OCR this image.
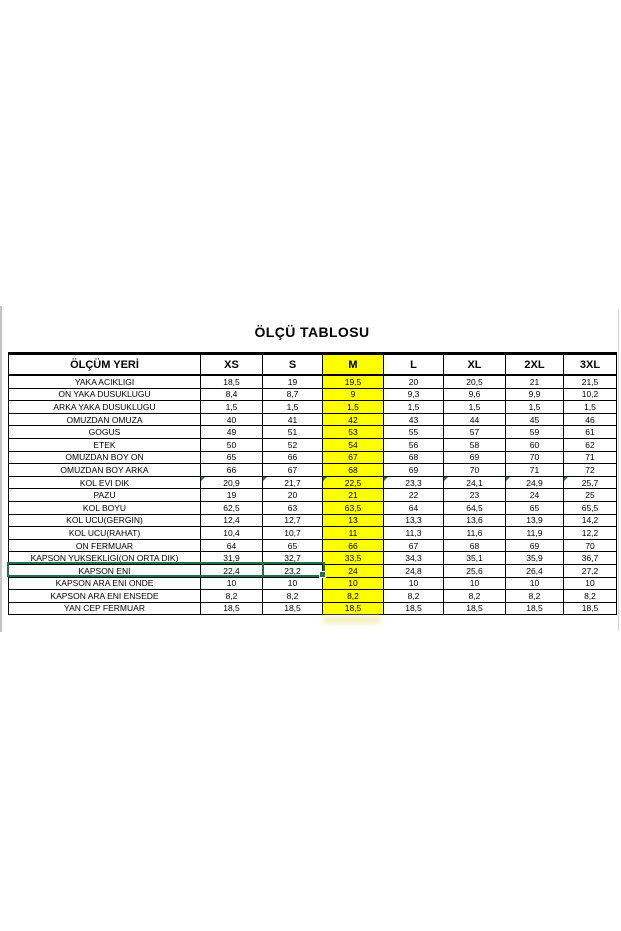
ÖLÇÜ TABLOSU
ÖLÇÜM YERİ	XS	S	M	L	XL	2XL	3XL
YAKA ACIKLIGI	18,5	19	19,5	20	20,5	21	21,5
ON YAKA DUSUKLUGU	8,4	8,7	9	9,3	9,6	9,9	10,2
ARKA YAKA DUSUKLUGU	1,5	1,5	1,5	1,5	1,5	1,5	1,5
OMUZDAN OMUZA	40	41	42	43	44	45	46
GOGUS	49	51	53	55	57	59	61
ETEK	50	52	54	56	58	60	62
OMUZDAN BOY ON	65	66	67	68	69	70	71
OMUZDAN BOY ARKA	66	67	68	69	70	71	72
KOL EVI DIK	20,9	21,7	22,5	23,3	24,1	24,9	25,7

PAZU	19	20	21	22	23	24	25
KOL BOYU	62,5	63	63,5	64	64,5	65	65,5
KOL UCU(GERGIN)	12,4	12,7	13	13,3	13,6	13,9	14,2
KOL UCU(RAHAT)	10,4	10,7	11	11,3	11,6	11,9	12,2
ON FERMUAR	64	65	66	67	68	69	70
KAPSON YUKSEKLIGI(ON ORTA DIK)	31,9	32,7	33,5	34,3	35,1	35,9	36,7
KAPSON ENI	22,4	23,2	24	24,8	25,6	26,4	27,2
KAPSON ARA ENI ONDE	10	10	10	10	10	10	10
KAPSON ARA ENI ENSEDE	8,2	8,2	8,2	8,2	8,2	8,2	8,2
YAN CEP FERMUAR	18,5	18,5	18,5	18,5	18,5	18,5	18,5
